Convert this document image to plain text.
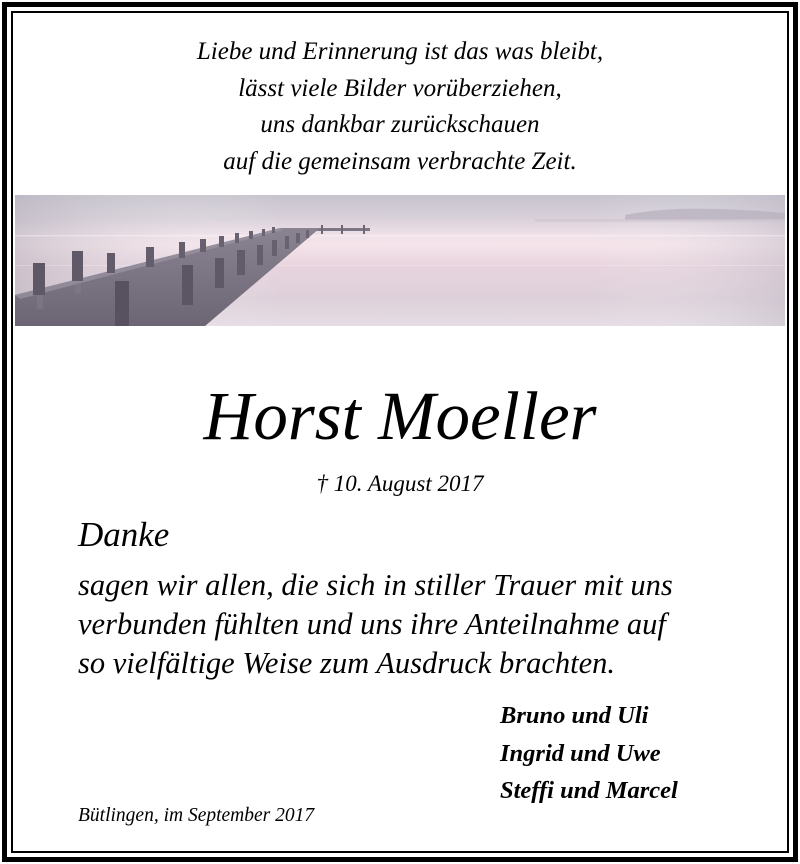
Liebe und Erinnerung ist das was bleibt,
lässt viele Bilder vorüberziehen,
uns dankbar zurückschauen
auf die gemeinsam verbrachte Zeit.
Horst Moeller
† 10. August 2017
Danke
sagen wir allen, die sich in stiller Trauer mit uns
verbunden fühlten und uns ihre Anteilnahme auf
so vielfältige Weise zum Ausdruck brachten.
Bruno und Uli
Ingrid und Uwe
Steffi und Marcel
Bütlingen, im September 2017
